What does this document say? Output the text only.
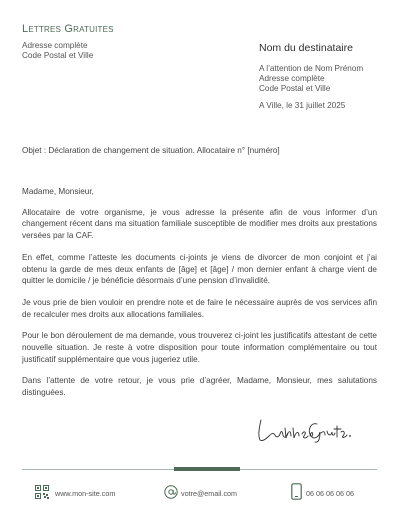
Lettres Gratuites
Adresse complète
Code Postal et Ville
Nom du destinataire
A l’attention de Nom Prénom
Adresse complète
Code Postal et Ville
A Ville, le 31 juillet 2025
Objet : Déclaration de changement de situation. Allocataire n° [numéro]

Madame, Monsieur,

Allocataire de votre organisme, je vous adresse la présente afin de vous informer d’un changement récent dans ma situation familiale susceptible de modifier mes droits aux prestations versées par la CAF.

En effet, comme l’atteste les documents ci-joints je viens de divorcer de mon conjoint et j’ai obtenu la garde de mes deux enfants de [âge] et [âge] / mon dernier enfant à charge vient de quitter le domicile / je bénéficie désormais d’une pension d’invalidité.

Je vous prie de bien vouloir en prendre note et de faire le nécessaire auprès de vos services afin de recalculer mes droits aux allocations familiales.

Pour le bon déroulement de ma demande, vous trouverez ci-joint les justificatifs attestant de cette nouvelle situation. Je reste à votre disposition pour toute information complémentaire ou tout justificatif supplémentaire que vous jugeriez utile.

Dans l’attente de votre retour, je vous prie d’agréer, Madame, Monsieur, mes salutations distinguées.

www.mon-site.com	votre@email.com	06 06 06 06 06
